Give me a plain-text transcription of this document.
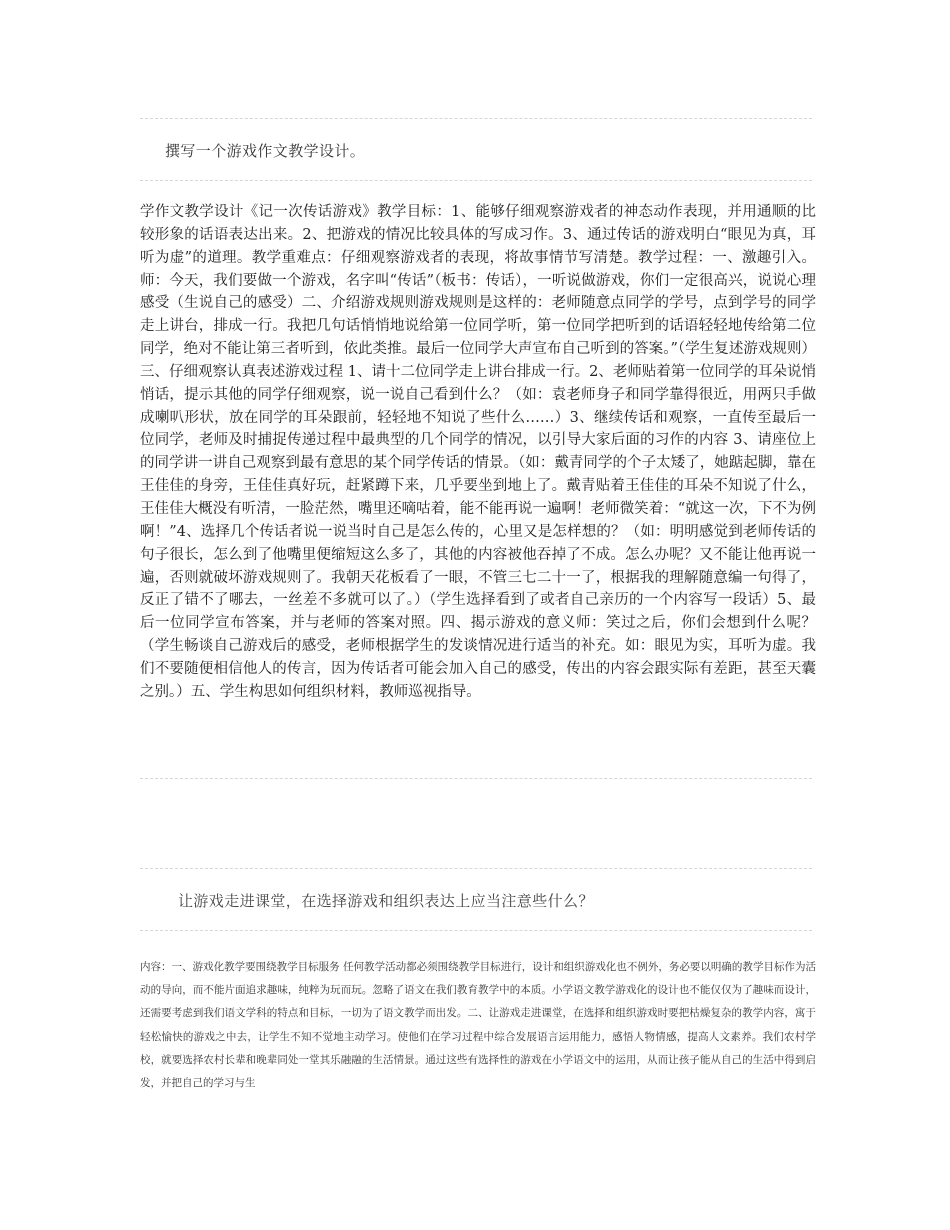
撰写一个游戏作文教学设计。
学作文教学设计《记一次传话游戏》教学目标：1、能够仔细观察游戏者的神态动作表现，并用通顺的比较形象的话语表达出来。2、把游戏的情况比较具体的写成习作。3、通过传话的游戏明白“眼见为真，耳听为虚”的道理。教学重难点：仔细观察游戏者的表现，将故事情节写清楚。教学过程：一、激趣引入。师：今天，我们要做一个游戏，名字叫“传话”（板书：传话），一听说做游戏，你们一定很高兴，说说心理感受（生说自己的感受）二、介绍游戏规则游戏规则是这样的：老师随意点同学的学号，点到学号的同学走上讲台，排成一行。我把几句话悄悄地说给第一位同学听，第一位同学把听到的话语轻轻地传给第二位同学，绝对不能让第三者听到，依此类推。最后一位同学大声宣布自己听到的答案。”（学生复述游戏规则）三、仔细观察认真表述游戏过程 1、请十二位同学走上讲台排成一行。2、老师贴着第一位同学的耳朵说悄悄话，提示其他的同学仔细观察，说一说自己看到什么？（如：袁老师身子和同学靠得很近，用两只手做成喇叭形状，放在同学的耳朵跟前，轻轻地不知说了些什么……）3、继续传话和观察，一直传至最后一位同学，老师及时捕捉传递过程中最典型的几个同学的情况，以引导大家后面的习作的内容 3、请座位上的同学讲一讲自己观察到最有意思的某个同学传话的情景。（如：戴青同学的个子太矮了，她踮起脚，靠在王佳佳的身旁，王佳佳真好玩，赶紧蹲下来，几乎要坐到地上了。戴青贴着王佳佳的耳朵不知说了什么，王佳佳大概没有听清，一脸茫然，嘴里还嘀咕着，能不能再说一遍啊！老师微笑着：“就这一次，下不为例啊！”4、选择几个传话者说一说当时自己是怎么传的，心里又是怎样想的？（如：明明感觉到老师传话的句子很长，怎么到了他嘴里便缩短这么多了，其他的内容被他吞掉了不成。怎么办呢？又不能让他再说一遍，否则就破坏游戏规则了。我朝天花板看了一眼，不管三七二十一了，根据我的理解随意编一句得了，反正了错不了哪去，一丝差不多就可以了。）（学生选择看到了或者自己亲历的一个内容写一段话）5、最后一位同学宣布答案，并与老师的答案对照。四、揭示游戏的意义师：笑过之后，你们会想到什么呢？（学生畅谈自己游戏后的感受，老师根据学生的发谈情况进行适当的补充。如：眼见为实，耳听为虚。我们不要随便相信他人的传言，因为传话者可能会加入自己的感受，传出的内容会跟实际有差距，甚至天囊之别。）五、学生构思如何组织材料，教师巡视指导。
让游戏走进课堂，在选择游戏和组织表达上应当注意些什么？
内容：一、游戏化教学要围绕教学目标服务 任何教学活动都必须围绕教学目标进行，设计和组织游戏化也不例外，务必要以明确的教学目标作为活动的导向，而不能片面追求趣味，纯粹为玩而玩。忽略了语文在我们教育教学中的本质。小学语文教学游戏化的设计也不能仅仅为了趣味而设计，还需要考虑到我们语文学科的特点和目标，一切为了语文教学而出发。二、让游戏走进课堂，在选择和组织游戏时要把枯燥复杂的教学内容，寓于轻松愉快的游戏之中去，让学生不知不觉地主动学习。使他们在学习过程中综合发展语言运用能力，感悟人物情感，提高人文素养。我们农村学校，就要选择农村长辈和晚辈同处一堂其乐融融的生活情景。通过这些有选择性的游戏在小学语文中的运用，从而让孩子能从自己的生活中得到启发，并把自己的学习与生
